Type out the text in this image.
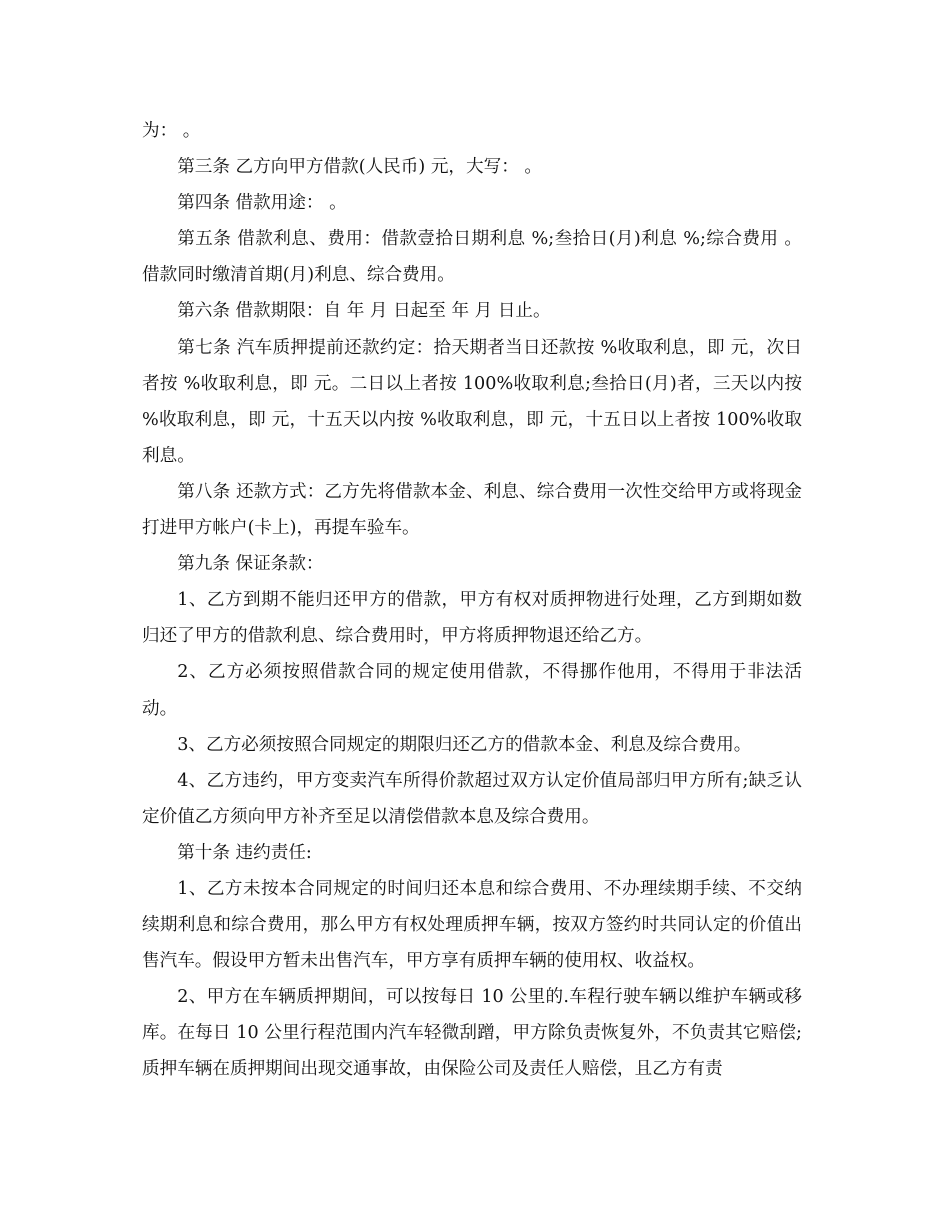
为： 。

第三条 乙方向甲方借款(人民币) 元，大写： 。

第四条 借款用途： 。

第五条 借款利息、费用：借款壹拾日期利息 %;叁拾日(月)利息 %;综合费用 。借款同时缴清首期(月)利息、综合费用。

第六条 借款期限：自 年 月 日起至 年 月 日止。

第七条 汽车质押提前还款约定：拾天期者当日还款按 %收取利息，即 元，次日者按 %收取利息，即 元。二日以上者按 100%收取利息;叁拾日(月)者，三天以内按 %收取利息，即 元，十五天以内按 %收取利息，即 元，十五日以上者按 100%收取利息。

第八条 还款方式：乙方先将借款本金、利息、综合费用一次性交给甲方或将现金打进甲方帐户(卡上)，再提车验车。

第九条 保证条款：

1、乙方到期不能归还甲方的借款，甲方有权对质押物进行处理，乙方到期如数归还了甲方的借款利息、综合费用时，甲方将质押物退还给乙方。

2、乙方必须按照借款合同的规定使用借款，不得挪作他用，不得用于非法活动。

3、乙方必须按照合同规定的期限归还乙方的借款本金、利息及综合费用。

4、乙方违约，甲方变卖汽车所得价款超过双方认定价值局部归甲方所有;缺乏认定价值乙方须向甲方补齐至足以清偿借款本息及综合费用。

第十条 违约责任:

1、乙方未按本合同规定的时间归还本息和综合费用、不办理续期手续、不交纳续期利息和综合费用，那么甲方有权处理质押车辆，按双方签约时共同认定的价值出售汽车。假设甲方暂未出售汽车，甲方享有质押车辆的使用权、收益权。

2、甲方在车辆质押期间，可以按每日 10 公里的.车程行驶车辆以维护车辆或移库。在每日 10 公里行程范围内汽车轻微刮蹭，甲方除负责恢复外，不负责其它赔偿;质押车辆在质押期间出现交通事故，由保险公司及责任人赔偿，且乙方有责
